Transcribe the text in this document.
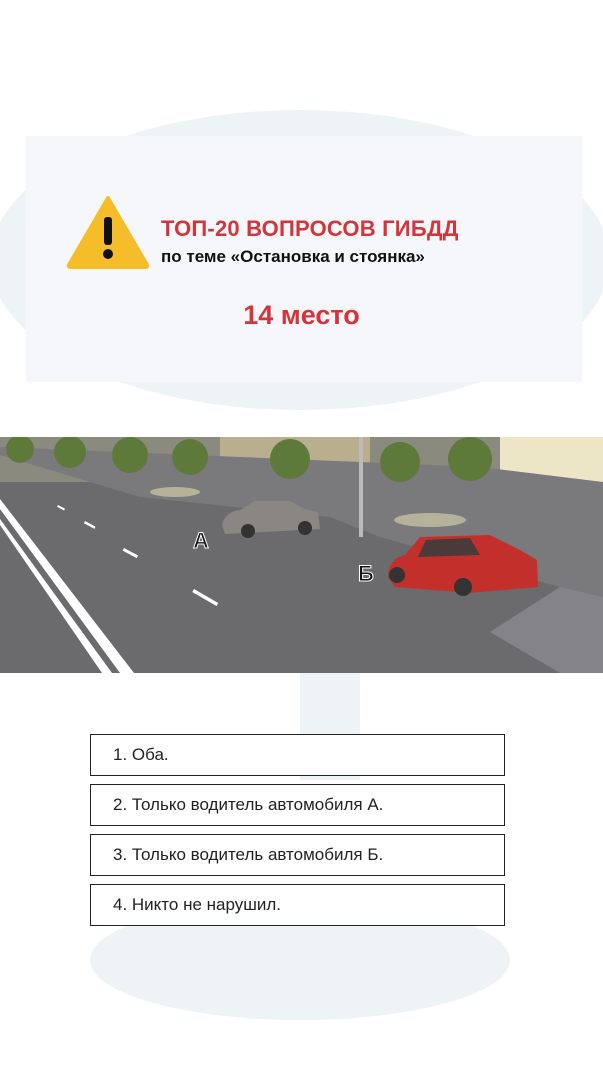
ТОП-20 ВОПРОСОВ ГИБДД
по теме «Остановка и стоянка»
14 место
А
Б
1. Оба.
2. Только водитель автомобиля А.
3. Только водитель автомобиля Б.
4. Никто не нарушил.
